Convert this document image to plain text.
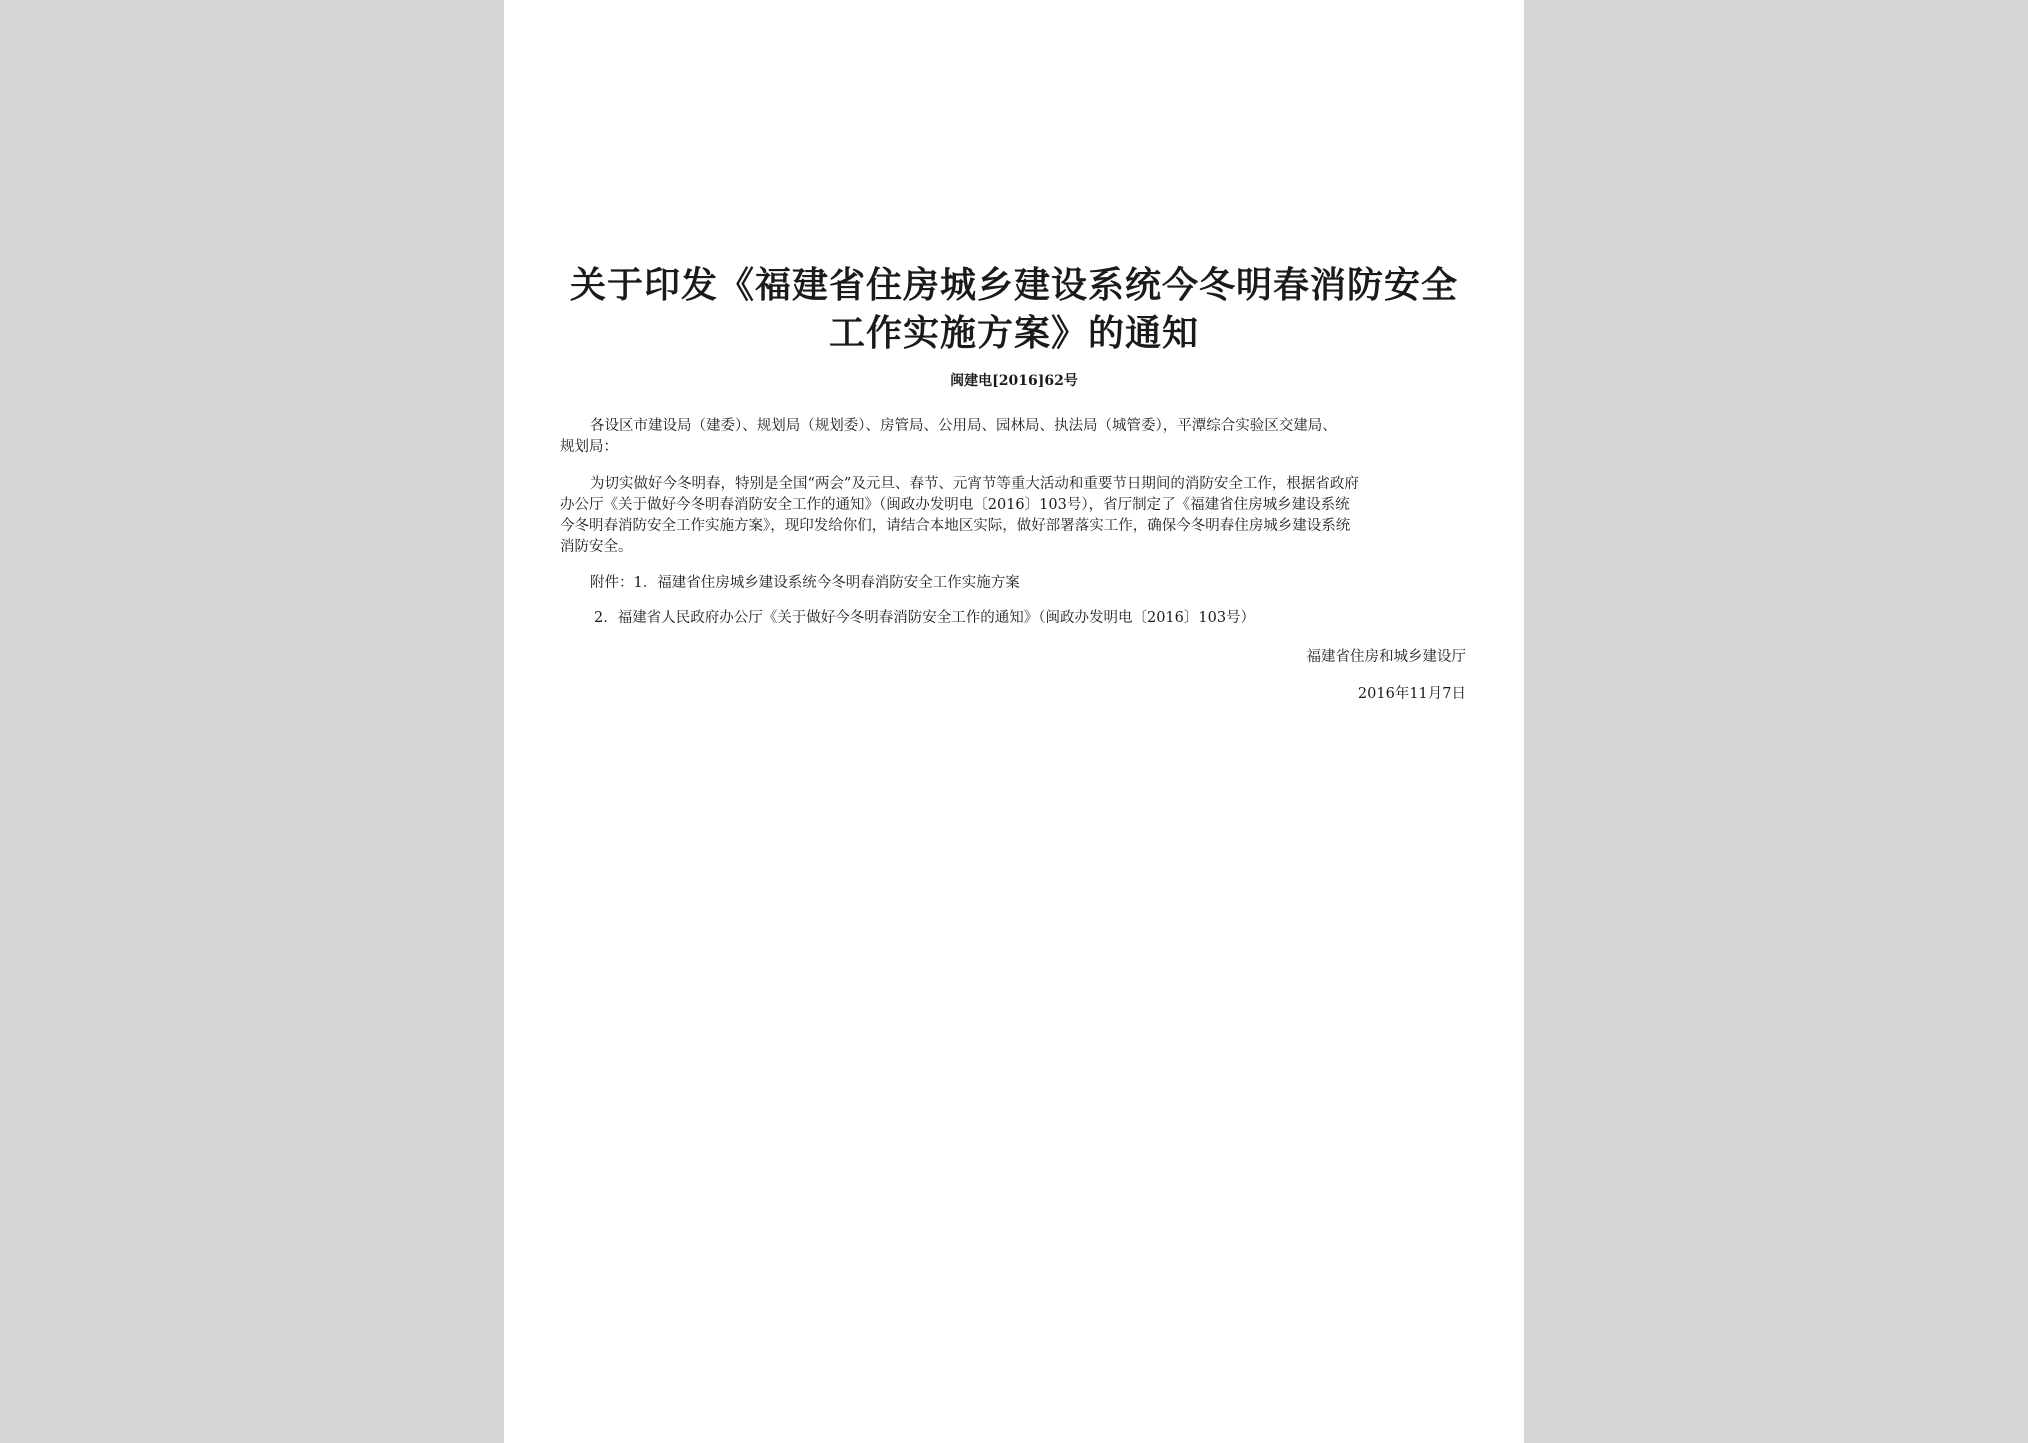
关于印发《福建省住房城乡建设系统今冬明春消防安全
工作实施方案》的通知
闽建电[2016]62号
各设区市建设局（建委）、规划局（规划委）、房管局、公用局、园林局、执法局（城管委），平潭综合实验区交建局、
规划局：
为切实做好今冬明春，特别是全国“两会”及元旦、春节、元宵节等重大活动和重要节日期间的消防安全工作，根据省政府
办公厅《关于做好今冬明春消防安全工作的通知》（闽政办发明电〔2016〕103号），省厅制定了《福建省住房城乡建设系统
今冬明春消防安全工作实施方案》，现印发给你们，请结合本地区实际，做好部署落实工作，确保今冬明春住房城乡建设系统
消防安全。
附件：1．福建省住房城乡建设系统今冬明春消防安全工作实施方案
2．福建省人民政府办公厅《关于做好今冬明春消防安全工作的通知》（闽政办发明电〔2016〕103号）
福建省住房和城乡建设厅
2016年11月7日
